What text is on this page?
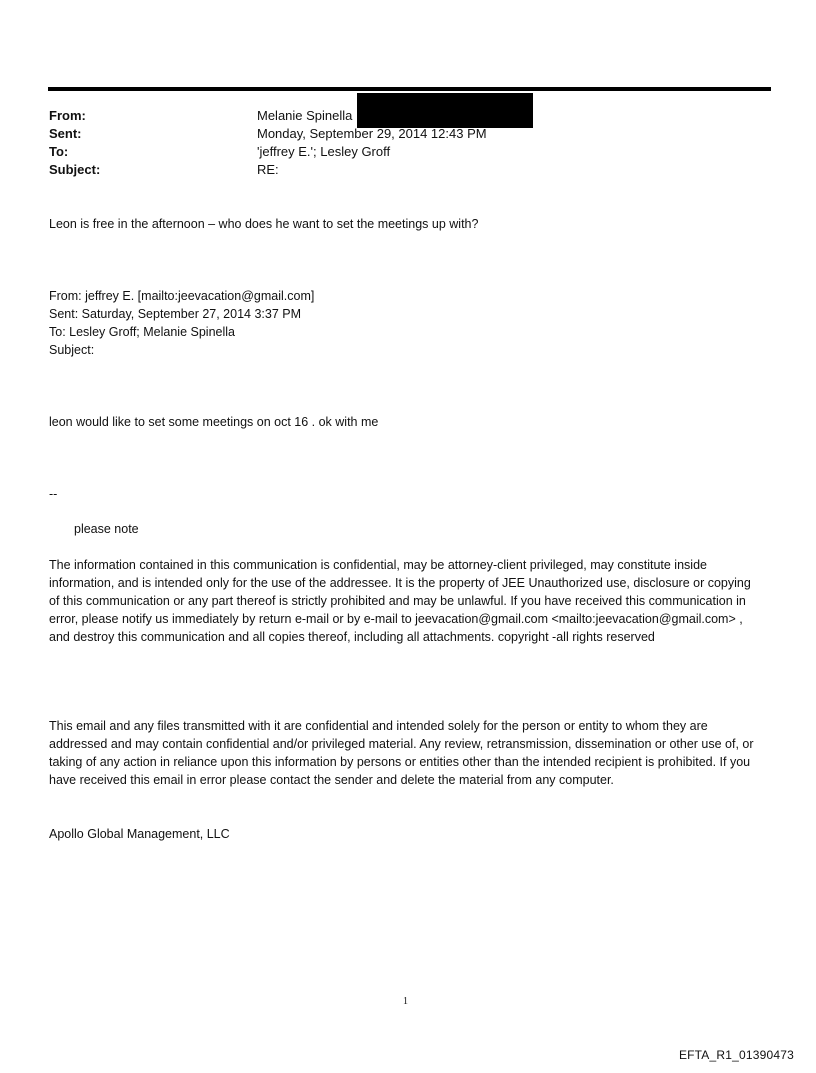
From:	Melanie Spinella
Sent:	Monday, September 29, 2014 12:43 PM
To:	'jeffrey E.'; Lesley Groff
Subject:	RE:
Leon is free in the afternoon – who does he want to set the meetings up with?
From: jeffrey E. [mailto:jeevacation@gmail.com]
Sent: Saturday, September 27, 2014 3:37 PM
To: Lesley Groff; Melanie Spinella
Subject:
leon would like to set some meetings on oct 16 . ok with me
--
please note
The information contained in this communication is confidential, may be attorney-client privileged, may constitute inside information, and is intended only for the use of the addressee. It is the property of JEE Unauthorized use, disclosure or copying of this communication or any part thereof is strictly prohibited and may be unlawful. If you have received this communication in error, please notify us immediately by return e-mail or by e-mail to jeevacation@gmail.com <mailto:jeevacation@gmail.com> , and destroy this communication and all copies thereof, including all attachments. copyright -all rights reserved
This email and any files transmitted with it are confidential and intended solely for the person or entity to whom they are addressed and may contain confidential and/or privileged material. Any review, retransmission, dissemination or other use of, or taking of any action in reliance upon this information by persons or entities other than the intended recipient is prohibited. If you have received this email in error please contact the sender and delete the material from any computer.
Apollo Global Management, LLC
1
EFTA_R1_01390473
